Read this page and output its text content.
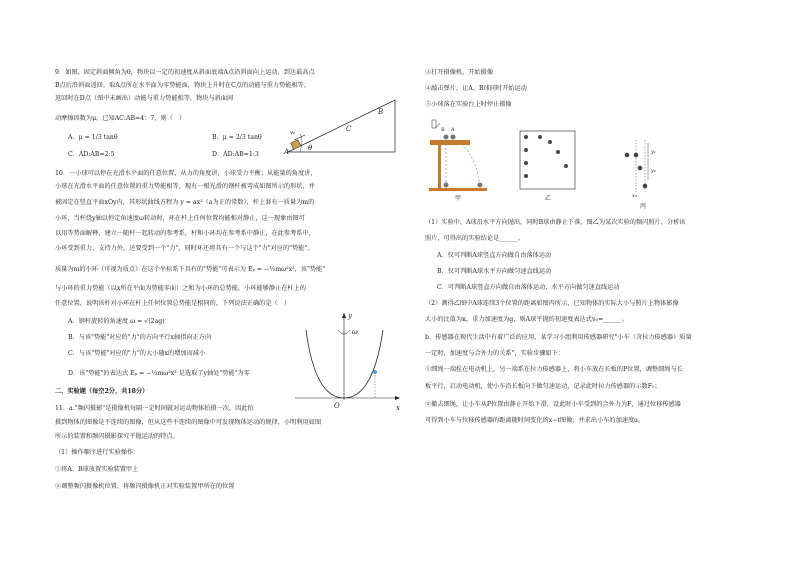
9．如图，固定斜面倾角为θ，物块以一定的初速度从斜面底端A点沿斜面向上运动，到达最高点
B点后沿斜面返回。取A点所在水平面为零势能面，物块上升时在C点的动能与重力势能相等，
返回时在D点（图中未画出）动能与重力势能相等，物块与斜面间
动摩擦因数为μ，已知AC:AB=4：7，则（　）
A．μ = 1/3 tanθ	B．μ = 2/3 tanθ
C．AD:AB=2:5	D．AD:AB=1:3
B
C
A	θ
v₀
10．一小球可以停在光滑水平面的任意位置，从力的角度讲，小球受力平衡；从能量的角度讲，
小球在光滑水平面的任意位置的重力势能相等，现有一根光滑的钢杆被弯成如图所示的形状，并
被固定在竖直平面xOy内，其形状曲线方程为 y = ax²（a为正的常数），杆上套有一质量为m的
小环，当杆绕y轴以恒定角速度ω转动时，环在杆上任何位置均能相对静止，这一现象由图可
以用等势面解释，建立一随杆一起转动的参考系，杆和小环均在参考系中静止，在此参考系中，
小环受到重力、支持力外，还要受到一个"力"，同时环还将具有一个与这个"力"对应的"势能"。
质量为m的小环（可视为质点）在这个坐标系下具有的"势能"可表示为 Eₚ = −½mω²x²，该"势能"
与小环的重力势能（以x所在平面为势能零面）之和为小环的总势能，小环能够静止在杆上的
任意位置，说明该杆对小环在杆上任何位置总势能是相同的，下列说法正确的是（　）
A．钢杆旋转的角速度 ω = √(2ag)
B．与该"势能"对应的"力"的方向平行x轴指向正方向
C．与该"势能"对应的"力"的大小随x的增加而减小
D．该"势能"的表达式 Eₚ = −½mω²x² 是选取了y轴处"势能"为零
y
x
O
ω
二、实验题（每空2分，共18分）
11．a."频闪摄影"是摄像机每隔一定时间就对运动物体拍摄一次，因此拍
摄到物体的图像是不连续的图像，但从这些不连续的图像中可发现物体运动的规律，小明利用如图
所示的装置和频闪摄影探究平抛运动的特点。
（1）操作顺序进行实验操作：
①将A、B球放置实验装置甲上
②调整频闪摄像机位置，将频闪摄像机正对实验装置甲所在的位置
③打开摄像机，开始摄像
④敲击弹片，让A、B球同时开始运动
⑤小球落在实验台上时停止摄像
甲
B A
乙
y₁
y₂
x₀
丙
（1）实验中，A球沿水平方向抛出，同时B球由静止下落，图乙为某次实验的频闪照片，分析该
照片，可得出的实验结论是______。
A．仅可判断A球竖直方向做自由落体运动
B．仅可判断A球水平方向做匀速直线运动
C．可判断A球竖直方向做自由落体运动，水平方向做匀速直线运动
（2）测得乙图中A球连续3个位置的距离如图丙所示，已知物体的实际大小与照片上物体影像
大小的比值为κ，重力加速度为g，则A球平抛的初速度表达式v₀=______。
b．传感器在现代生活中有着广泛的应用，某学习小组利用传感器研究"小车（含拉力传感器）质量
一定时，加速度与合外力的关系"，实验步骤如下：
①细绳一端拴在电动机上，另一端系在拉力传感器上，将小车放在长板的P位置，调整细绳与长
板平行，启动电动机，使小车沿长板向下做匀速运动，记录此时拉力传感器的示数F₀；
②撤去细绳，让小车从P位置由静止开始下滑，设此时小车受到的合外力为F，通过位移传感器
可得到小车与位移传感器的距离随时间变化的x−t图像，并求出小车的加速度a。
